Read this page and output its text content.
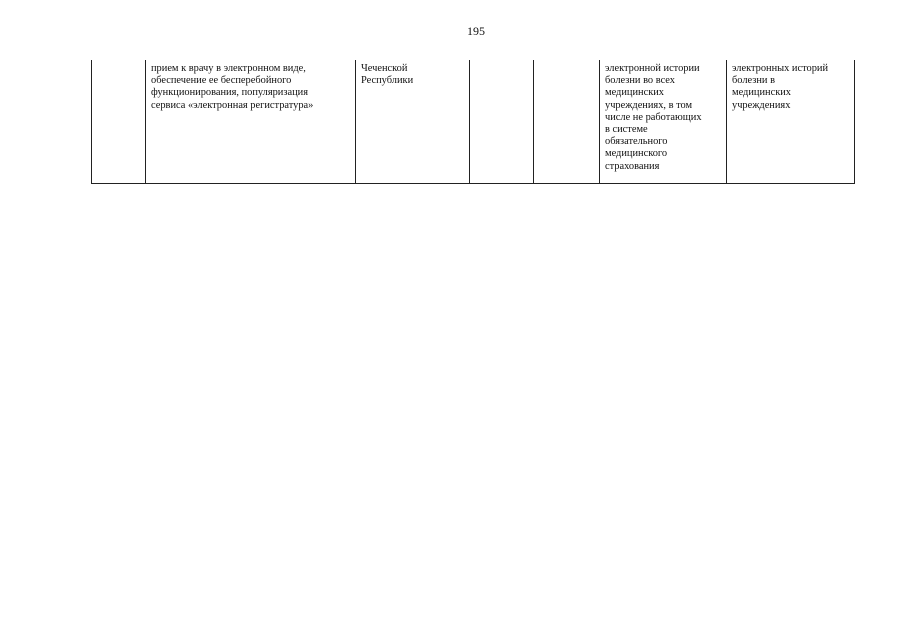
195
	прием к врачу в электронном виде,
обеспечение ее бесперебойного
функционирования, популяризация
сервиса «электронная регистратура»	Чеченской
Республики			электронной истории
болезни во всех
медицинских
учреждениях, в том
числе не работающих
в системе
обязательного
медицинского
страхования	электронных историй
болезни в
медицинских
учреждениях
